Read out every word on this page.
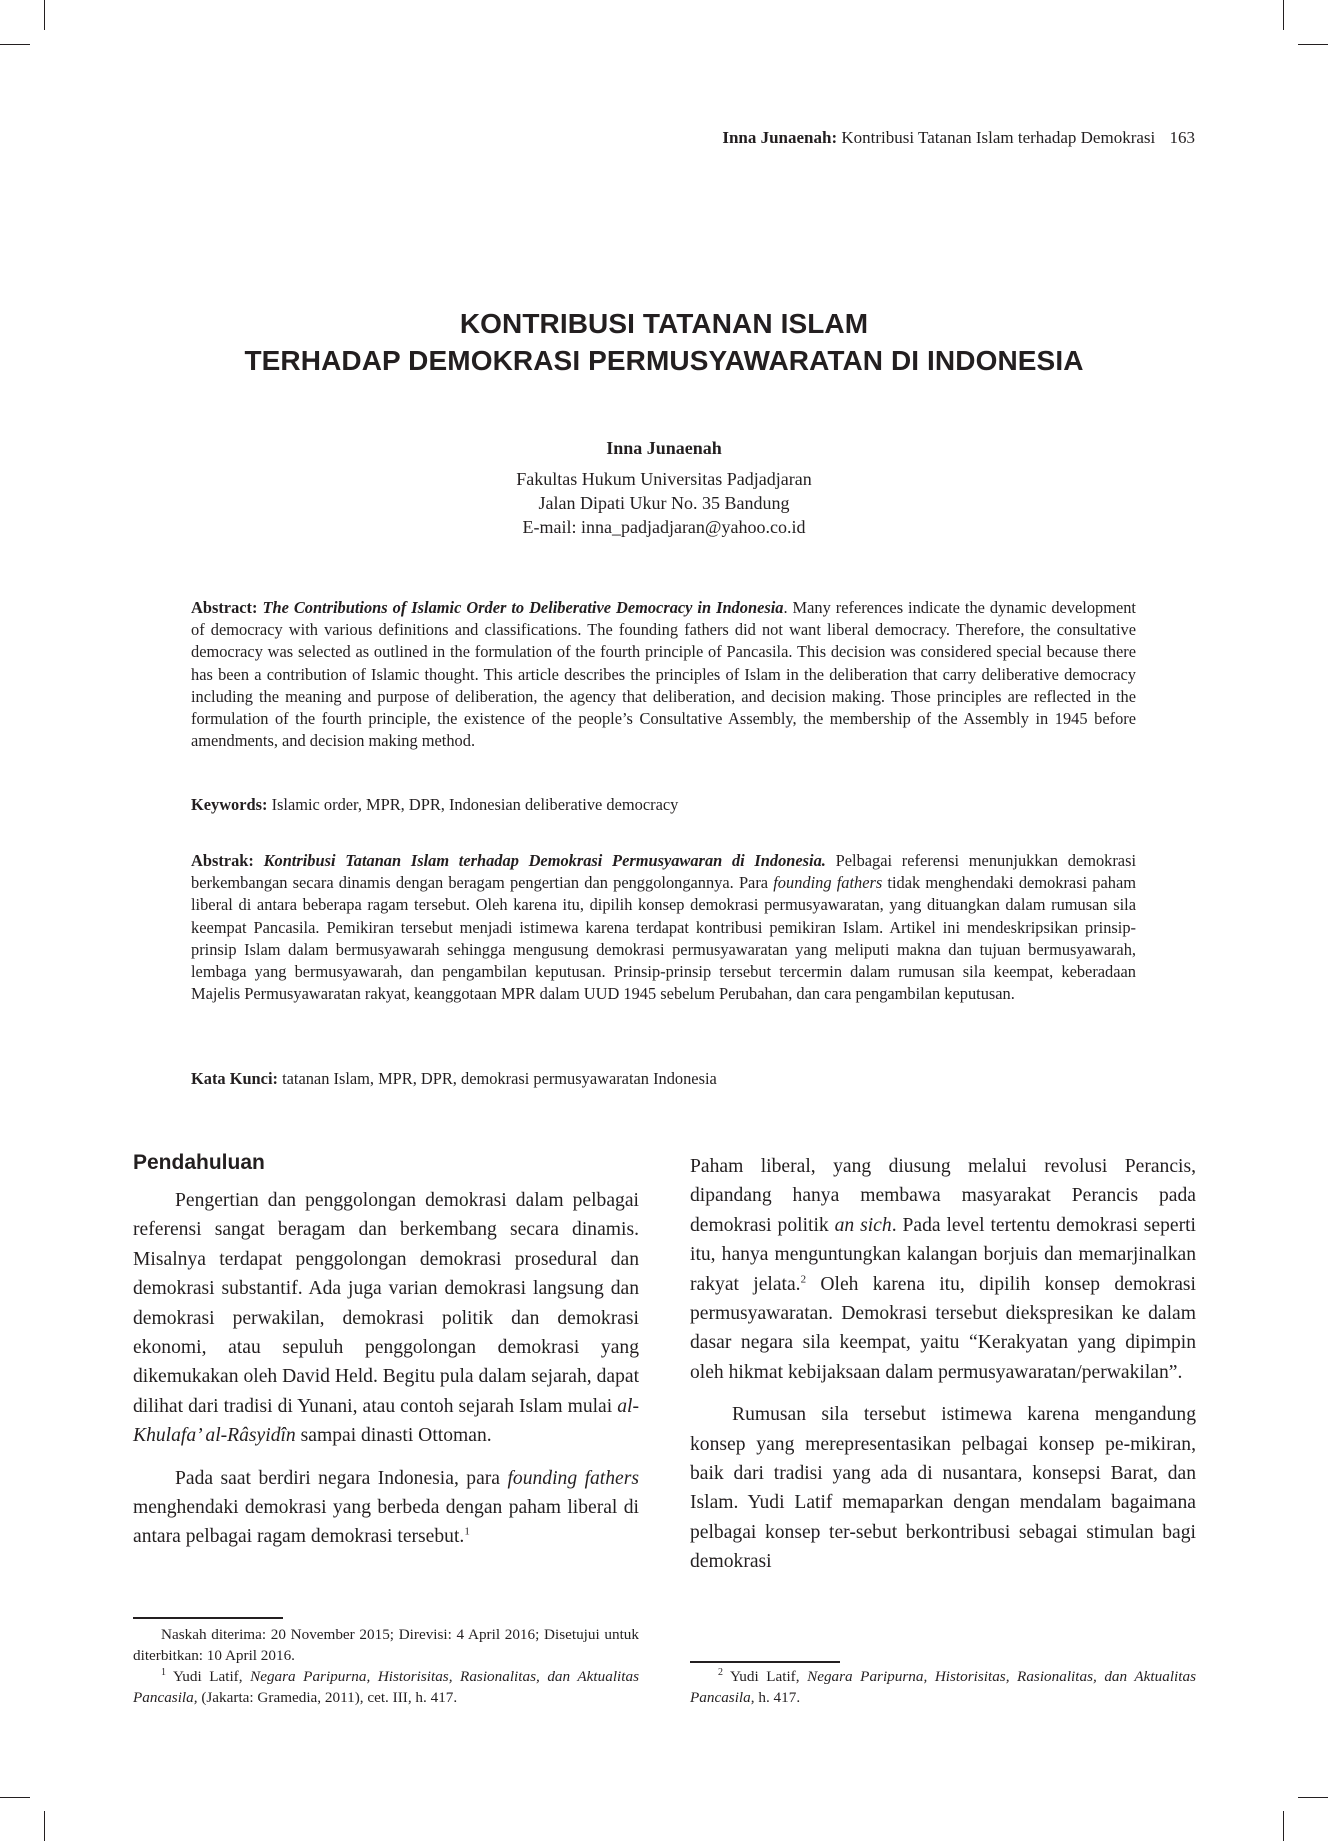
Inna Junaenah: Kontribusi Tatanan Islam terhadap Demokrasi 163
KONTRIBUSI TATANAN ISLAM
TERHADAP DEMOKRASI PERMUSYAWARATAN DI INDONESIA
Inna Junaenah
Fakultas Hukum Universitas Padjadjaran
Jalan Dipati Ukur No. 35 Bandung
E-mail: inna_padjadjaran@yahoo.co.id
Abstract: The Contributions of Islamic Order to Deliberative Democracy in Indonesia. Many references indicate the dynamic development of democracy with various definitions and classifications. The founding fathers did not want liberal democracy. Therefore, the consultative democracy was selected as outlined in the formulation of the fourth principle of Pancasila. This decision was considered special because there has been a contribution of Islamic thought. This article describes the principles of Islam in the deliberation that carry deliberative democracy including the meaning and purpose of deliberation, the agency that deliberation, and decision making. Those principles are reflected in the formulation of the fourth principle, the existence of the people’s Consultative Assembly, the membership of the Assembly in 1945 before amendments, and decision making method.
Keywords: Islamic order, MPR, DPR, Indonesian deliberative democracy
Abstrak: Kontribusi Tatanan Islam terhadap Demokrasi Permusyawaran di Indonesia. Pelbagai referensi menunjukkan demokrasi berkembangan secara dinamis dengan beragam pengertian dan penggolongannya. Para founding fathers tidak menghendaki demokrasi paham liberal di antara beberapa ragam tersebut. Oleh karena itu, dipilih konsep demokrasi permusyawaratan, yang dituangkan dalam rumusan sila keempat Pancasila. Pemikiran tersebut menjadi istimewa karena terdapat kontribusi pemikiran Islam. Artikel ini mendeskripsikan prinsip-prinsip Islam dalam bermusyawarah sehingga mengusung demokrasi permusyawaratan yang meliputi makna dan tujuan bermusyawarah, lembaga yang bermusyawarah, dan pengambilan keputusan. Prinsip-prinsip tersebut tercermin dalam rumusan sila keempat, keberadaan Majelis Permusyawaratan rakyat, keanggotaan MPR dalam UUD 1945 sebelum Perubahan, dan cara pengambilan keputusan.
Kata Kunci: tatanan Islam, MPR, DPR, demokrasi permusyawaratan Indonesia
Pendahuluan

Pengertian dan penggolongan demokrasi dalam pelbagai referensi sangat beragam dan berkembang secara dinamis. Misalnya terdapat penggolongan demokrasi prosedural dan demokrasi substantif. Ada juga varian demokrasi langsung dan demokrasi perwakilan, demokrasi politik dan demokrasi ekonomi, atau sepuluh penggolongan demokrasi yang dikemukakan oleh David Held. Begitu pula dalam sejarah, dapat dilihat dari tradisi di Yunani, atau contoh sejarah Islam mulai al-Khulafa’ al-Râsyidîn sampai dinasti Ottoman.

Pada saat berdiri negara Indonesia, para founding fathers menghendaki demokrasi yang berbeda dengan paham liberal di antara pelbagai ragam demokrasi tersebut.$^1$

Paham liberal, yang diusung melalui revolusi Perancis, dipandang hanya membawa masyarakat Perancis pada demokrasi politik an sich. Pada level tertentu demokrasi seperti itu, hanya menguntungkan kalangan borjuis dan memarjinalkan rakyat jelata.$^2$ Oleh karena itu, dipilih konsep demokrasi permusyawaratan. Demokrasi tersebut diekspresikan ke dalam dasar negara sila keempat, yaitu “Kerakyatan yang dipimpin oleh hikmat kebijaksaan dalam permusyawaratan/perwakilan”.

Rumusan sila tersebut istimewa karena mengandung konsep yang merepresentasikan pelbagai konsep pe-mikiran, baik dari tradisi yang ada di nusantara, konsepsi Barat, dan Islam. Yudi Latif memaparkan dengan mendalam bagaimana pelbagai konsep ter-sebut berkontribusi sebagai stimulan bagi demokrasi

Naskah diterima: 20 November 2015; Direvisi: 4 April 2016; Disetujui untuk diterbitkan: 10 April 2016.

$^1$ Yudi Latif, Negara Paripurna, Historisitas, Rasionalitas, dan Aktualitas Pancasila, (Jakarta: Gramedia, 2011), cet. III, h. 417.

$^2$ Yudi Latif, Negara Paripurna, Historisitas, Rasionalitas, dan Aktualitas Pancasila, h. 417.
